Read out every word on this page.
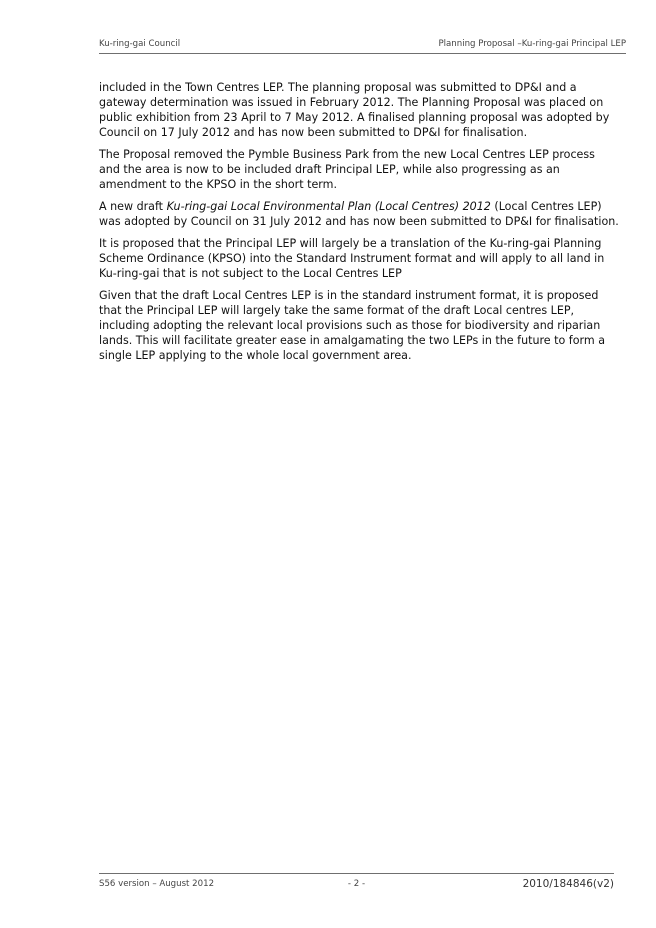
Ku-ring-gai Council	Planning Proposal –Ku-ring-gai Principal LEP

included in the Town Centres LEP. The planning proposal was submitted to DP&I and a gateway determination was issued in February 2012. The Planning Proposal was placed on public exhibition from 23 April to 7 May 2012. A finalised planning proposal was adopted by Council on 17 July 2012 and has now been submitted to DP&I for finalisation.

The Proposal removed the Pymble Business Park from the new Local Centres LEP process and the area is now to be included draft Principal LEP, while also progressing as an amendment to the KPSO in the short term.

A new draft Ku-ring-gai Local Environmental Plan (Local Centres) 2012 (Local Centres LEP) was adopted by Council on 31 July 2012 and has now been submitted to DP&I for finalisation.

It is proposed that the Principal LEP will largely be a translation of the Ku-ring-gai Planning Scheme Ordinance (KPSO) into the Standard Instrument format and will apply to all land in Ku-ring-gai that is not subject to the Local Centres LEP

Given that the draft Local Centres LEP is in the standard instrument format, it is proposed that the Principal LEP will largely take the same format of the draft Local centres LEP, including adopting the relevant local provisions such as those for biodiversity and riparian lands. This will facilitate greater ease in amalgamating the two LEPs in the future to form a single LEP applying to the whole local government area.

S56 version – August 2012	- 2 -	2010/184846(v2)
